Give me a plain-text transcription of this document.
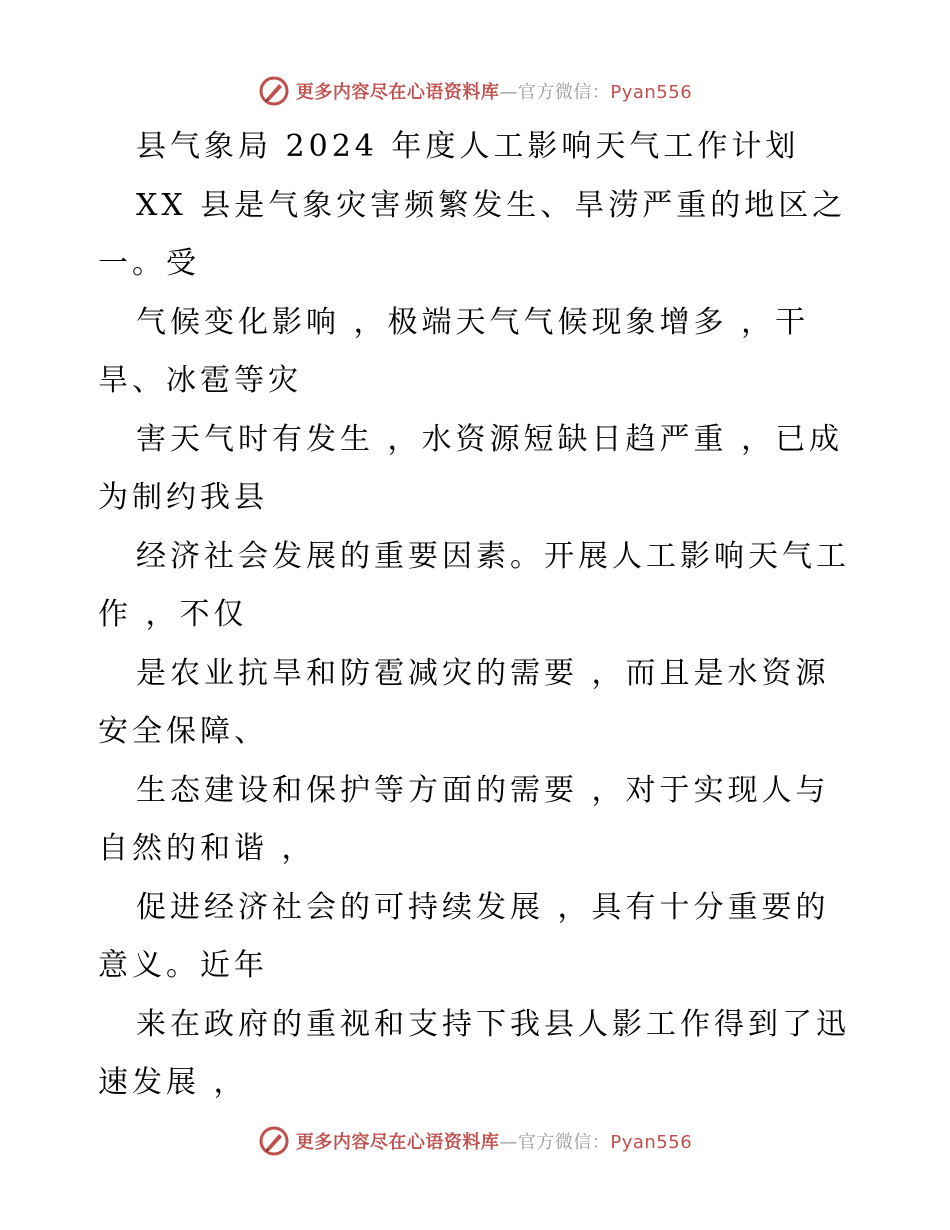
更多内容尽在心语资料库—官方微信：Pyan556
县气象局 2024 年度人工影响天气工作计划
XX 县是气象灾害频繁发生、旱涝严重的地区之
一。受
气候变化影响 ，极端天气气候现象增多 ，干
旱、冰雹等灾
害天气时有发生 ，水资源短缺日趋严重 ，已成
为制约我县
经济社会发展的重要因素。开展人工影响天气工
作 ，不仅
是农业抗旱和防雹减灾的需要 ，而且是水资源
安全保障、
生态建设和保护等方面的需要 ，对于实现人与
自然的和谐 ，
促进经济社会的可持续发展 ，具有十分重要的
意义。近年
来在政府的重视和支持下我县人影工作得到了迅
速发展 ，
更多内容尽在心语资料库—官方微信：Pyan556
